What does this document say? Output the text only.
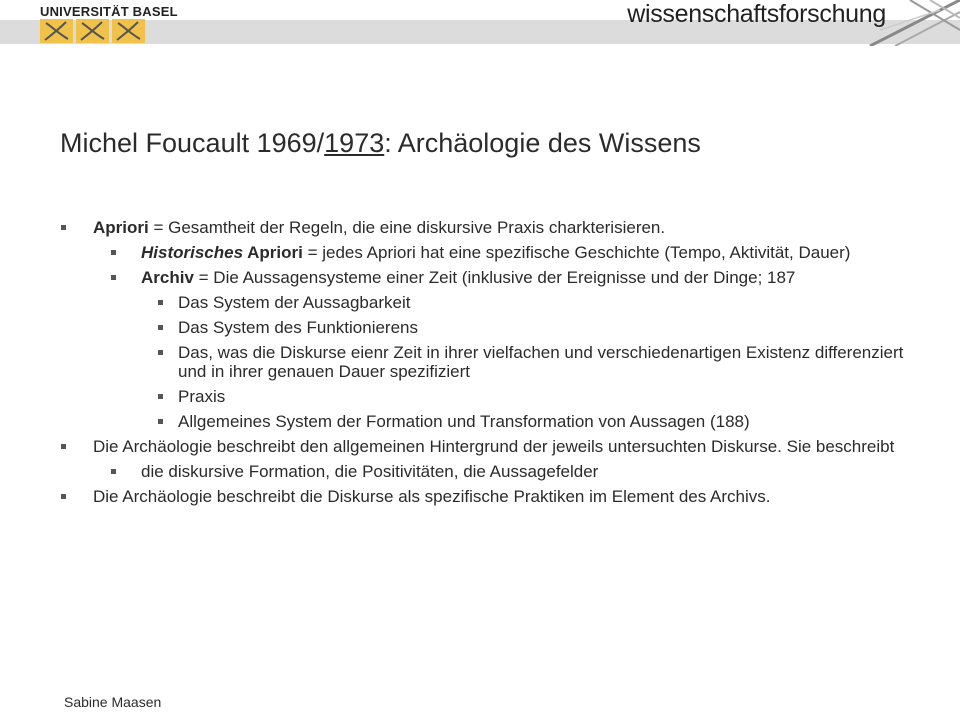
UNIVERSITÄT BASEL	wissenschaftsforschung
Michel Foucault 1969/1973: Archäologie des Wissens
Apriori = Gesamtheit der Regeln, die eine diskursive Praxis charkterisieren.
Historisches Apriori = jedes Apriori hat eine spezifische Geschichte (Tempo, Aktivität, Dauer)
Archiv = Die Aussagensysteme einer Zeit (inklusive der Ereignisse und der Dinge; 187
Das System der Aussagbarkeit
Das System des Funktionierens
Das, was die Diskurse eienr Zeit in ihrer vielfachen und verschiedenartigen Existenz differenziert und in ihrer genauen Dauer spezifiziert
Praxis
Allgemeines System der Formation und Transformation von Aussagen (188)
Die Archäologie beschreibt den allgemeinen Hintergrund der jeweils untersuchten Diskurse. Sie beschreibt
die diskursive Formation, die Positivitäten, die Aussagefelder
Die Archäologie beschreibt die Diskurse als spezifische Praktiken im Element des Archivs.
Sabine Maasen
